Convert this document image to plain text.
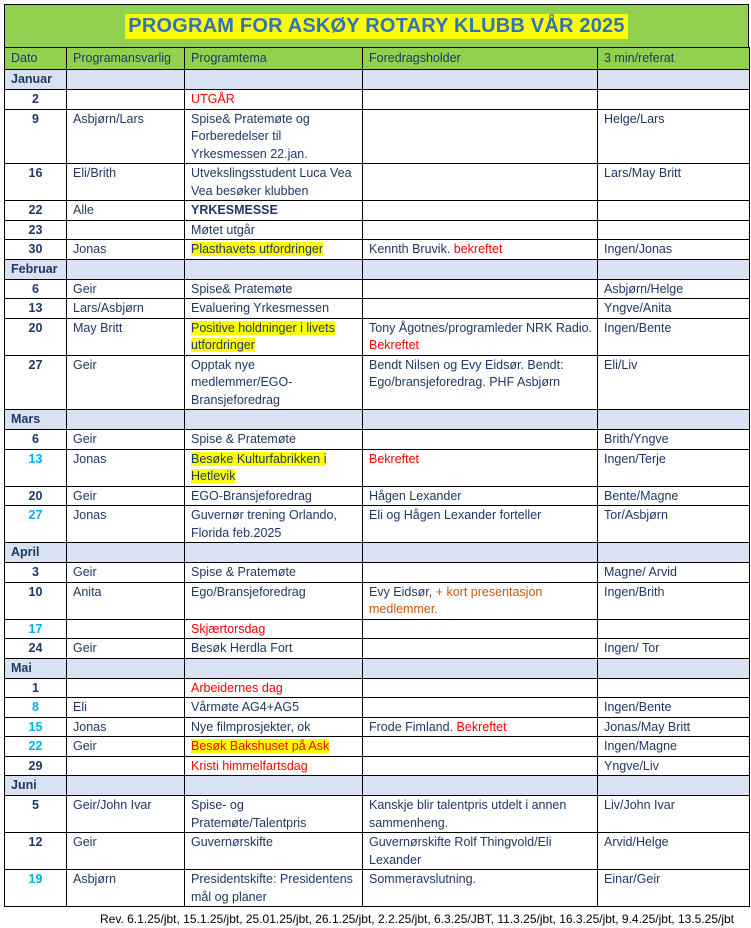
PROGRAM FOR ASKØY ROTARY KLUBB VÅR 2025
Dato	Programansvarlig	Programtema	Foredragsholder	3 min/referat
Januar				
2		UTGÅR		
9	Asbjørn/Lars	Spise& Pratemøte og Forberedelser til Yrkesmessen 22.jan.		Helge/Lars
16	Eli/Brith	Utvekslingsstudent Luca Vea Vea besøker klubben		Lars/May Britt
22	Alle	YRKESMESSE		
23		Møtet utgår		
30	Jonas	Plasthavets utfordringer	Kennth Bruvik. bekreftet	Ingen/Jonas
Februar				
6	Geir	Spise& Pratemøte		Asbjørn/Helge
13	Lars/Asbjørn	Evaluering Yrkesmessen		Yngve/Anita
20	May Britt	Positive holdninger i livets utfordringer	Tony Ågotnes/programleder NRK Radio. Bekreftet	Ingen/Bente
27	Geir	Opptak nye medlemmer/EGO-Bransjeforedrag	Bendt Nilsen og Evy Eidsør. Bendt: Ego/bransjeforedrag. PHF Asbjørn	Eli/Liv
Mars				
6	Geir	Spise & Pratemøte		Brith/Yngve
13	Jonas	Besøke Kulturfabrikken i Hetlevik	Bekreftet	Ingen/Terje
20	Geir	EGO-Bransjeforedrag	Hågen Lexander	Bente/Magne
27	Jonas	Guvernør trening Orlando, Florida feb.2025	Eli og Hågen Lexander forteller	Tor/Asbjørn
April				
3	Geir	Spise & Pratemøte		Magne/ Arvid
10	Anita	Ego/Bransjeforedrag	Evy Eidsør, + kort presentasjon medlemmer.	Ingen/Brith
17		Skjærtorsdag		
24	Geir	Besøk Herdla Fort		Ingen/ Tor
Mai				
1		Arbeidernes dag		
8	Eli	Vårmøte AG4+AG5		Ingen/Bente
15	Jonas	Nye filmprosjekter, ok	Frode Fimland. Bekreftet	Jonas/May Britt
22	Geir	Besøk Bakshuset på Ask		Ingen/Magne
29		Kristi himmelfartsdag		Yngve/Liv
Juni				
5	Geir/John Ivar	Spise- og Pratemøte/Talentpris	Kanskje blir talentpris utdelt i annen sammenheng.	Liv/John Ivar
12	Geir	Guvernørskifte	Guvernørskifte Rolf Thingvold/Eli Lexander	Arvid/Helge
19	Asbjørn	Presidentskifte: Presidentens mål og planer	Sommeravslutning.	Einar/Geir
Rev. 6.1.25/jbt, 15.1.25/jbt, 25.01.25/jbt, 26.1.25/jbt, 2.2.25/jbt, 6.3.25/JBT, 11.3.25/jbt, 16.3.25/jbt, 9.4.25/jbt, 13.5.25/jbt
